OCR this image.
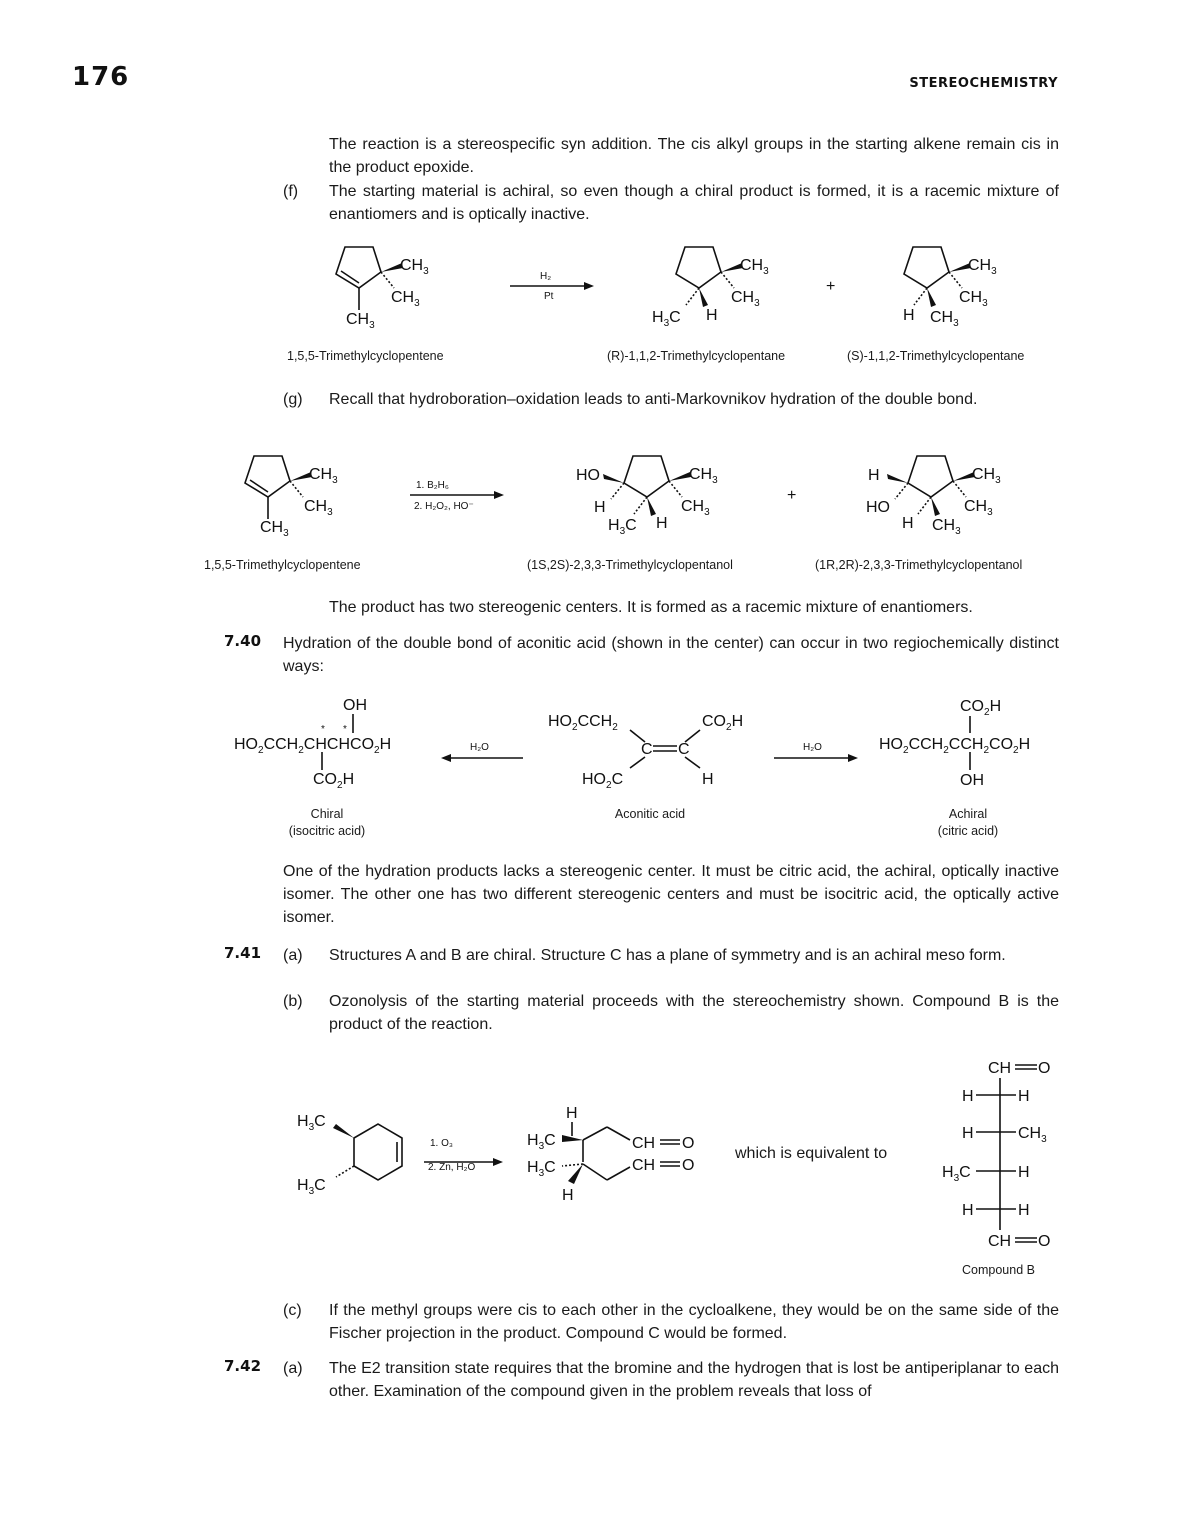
176	STEREOCHEMISTRY
The reaction is a stereospecific syn addition. The cis alkyl groups in the starting alkene remain cis in the product epoxide.
(f) The starting material is achiral, so even though a chiral product is formed, it is a racemic mixture of enantiomers and is optically inactive.
$CH_3$
$CH_3$
$CH_3$
H₂
Pt
$CH_3$
$CH_3$
$H_3C$ H
+
$CH_3$
$CH_3$
H $CH_3$
1,5,5-Trimethylcyclopentene	(R)-1,1,2-Trimethylcyclopentane	(S)-1,1,2-Trimethylcyclopentane
(g) Recall that hydroboration–oxidation leads to anti-Markovnikov hydration of the double bond.
$CH_3$
$CH_3$
$CH_3$
1. B₂H₆
2. H₂O₂, HO⁻
HO
H
$CH_3$
$CH_3$
$H_3C$ H
+
H
HO
$CH_3$
$CH_3$
H $CH_3$
1,5,5-Trimethylcyclopentene	(1S,2S)-2,3,3-Trimethylcyclopentanol	(1R,2R)-2,3,3-Trimethylcyclopentanol
The product has two stereogenic centers. It is formed as a racemic mixture of enantiomers.
7.40 Hydration of the double bond of aconitic acid (shown in the center) can occur in two regiochemically distinct ways:
OH
$HO_2CCH_2CHCHCO_2H$
* *
$CO_2H$
H₂O
$HO_2CCH_2$	$CO_2H$
C C
$HO_2C$	H
H₂O
$CO_2H$
$HO_2CCH_2CCH_2CO_2H$
OH
Chiral
(isocitric acid)
Aconitic acid	Achiral
(citric acid)
One of the hydration products lacks a stereogenic center. It must be citric acid, the achiral, optically inactive isomer. The other one has two different stereogenic centers and must be isocitric acid, the optically active isomer.
7.41 (a) Structures A and B are chiral. Structure C has a plane of symmetry and is an achiral meso form.
(b) Ozonolysis of the starting material proceeds with the stereochemistry shown. Compound B is the product of the reaction.
$H_3C$
$H_3C$
1. O₃
2. Zn, H₂O
H
$H_3C$	CH O
$H_3C$
H
CH O
CH O
H	H
H	$CH_3$
$H_3C$	H
H	H
CH O
which is equivalent to
Compound B
(c) If the methyl groups were cis to each other in the cycloalkene, they would be on the same side of the Fischer projection in the product. Compound C would be formed.
7.42 (a) The E2 transition state requires that the bromine and the hydrogen that is lost be antiperiplanar to each other. Examination of the compound given in the problem reveals that loss of
